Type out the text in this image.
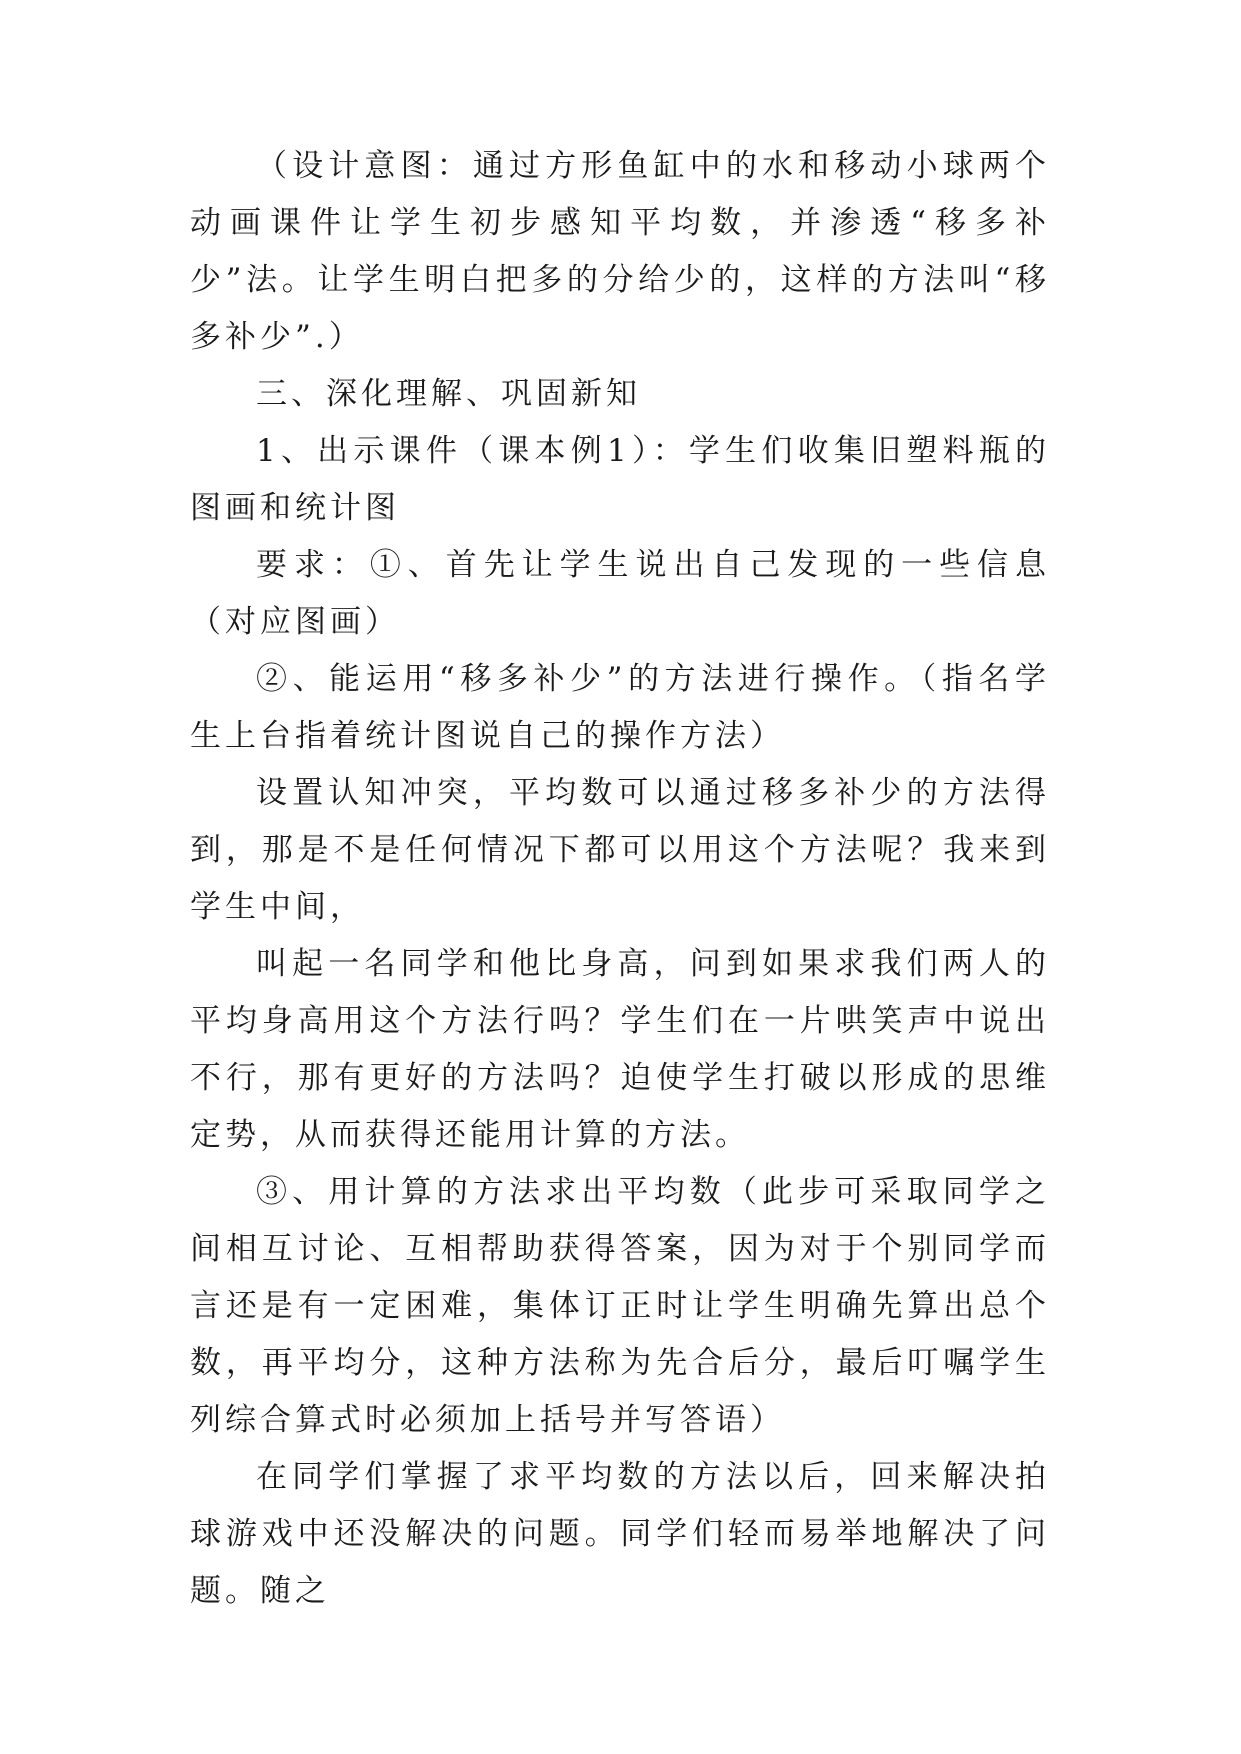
（设计意图：通过方形鱼缸中的水和移动小球两个动画课件让学生初步感知平均数，并渗透“移多补少”法。让学生明白把多的分给少的，这样的方法叫“移多补少”.）

三、深化理解、巩固新知

1、出示课件（课本例1）：学生们收集旧塑料瓶的图画和统计图

要求：①、首先让学生说出自己发现的一些信息（对应图画）

②、能运用“移多补少”的方法进行操作。（指名学生上台指着统计图说自己的操作方法）

设置认知冲突，平均数可以通过移多补少的方法得到，那是不是任何情况下都可以用这个方法呢？我来到学生中间，

叫起一名同学和他比身高，问到如果求我们两人的平均身高用这个方法行吗？学生们在一片哄笑声中说出不行，那有更好的方法吗？迫使学生打破以形成的思维定势，从而获得还能用计算的方法。

③、用计算的方法求出平均数（此步可采取同学之间相互讨论、互相帮助获得答案，因为对于个别同学而言还是有一定困难，集体订正时让学生明确先算出总个数，再平均分，这种方法称为先合后分，最后叮嘱学生列综合算式时必须加上括号并写答语）

在同学们掌握了求平均数的方法以后，回来解决拍球游戏中还没解决的问题。同学们轻而易举地解决了问题。随之
